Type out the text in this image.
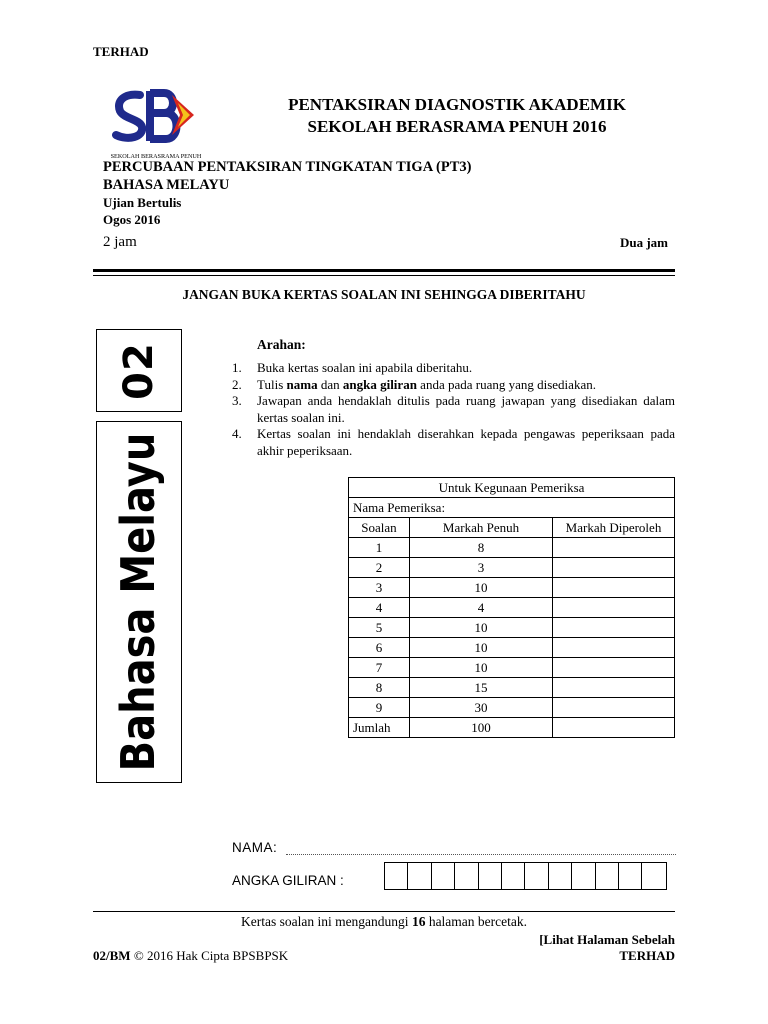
TERHAD
SEKOLAH BERASRAMA PENUH
PENTAKSIRAN DIAGNOSTIK AKADEMIK
SEKOLAH BERASRAMA PENUH 2016
PERCUBAAN PENTAKSIRAN TINGKATAN TIGA (PT3)
BAHASA MELAYU
Ujian Bertulis
Ogos 2016
2 jam	Dua jam
JANGAN BUKA KERTAS SOALAN INI SEHINGGA DIBERITAHU
02
Bahasa Melayu
Arahan:
1.	Buka kertas soalan ini apabila diberitahu.
2.	Tulis nama dan angka giliran anda pada ruang yang disediakan.
3.	Jawapan anda hendaklah ditulis pada ruang jawapan yang disediakan dalam kertas soalan ini.
4.	Kertas soalan ini hendaklah diserahkan kepada pengawas peperiksaan pada akhir peperiksaan.
Untuk Kegunaan Pemeriksa		
Nama Pemeriksa:		
Soalan	Markah Penuh	Markah Diperoleh
1	8	
2	3	
3	10	
4	4	
5	10	
6	10	
7	10	
8	15	
9	30	
Jumlah	100	
NAMA:
ANGKA GILIRAN :
Kertas soalan ini mengandungi 16 halaman bercetak.
[Lihat Halaman Sebelah
02/BM © 2016 Hak Cipta BPSBPSK	TERHAD
